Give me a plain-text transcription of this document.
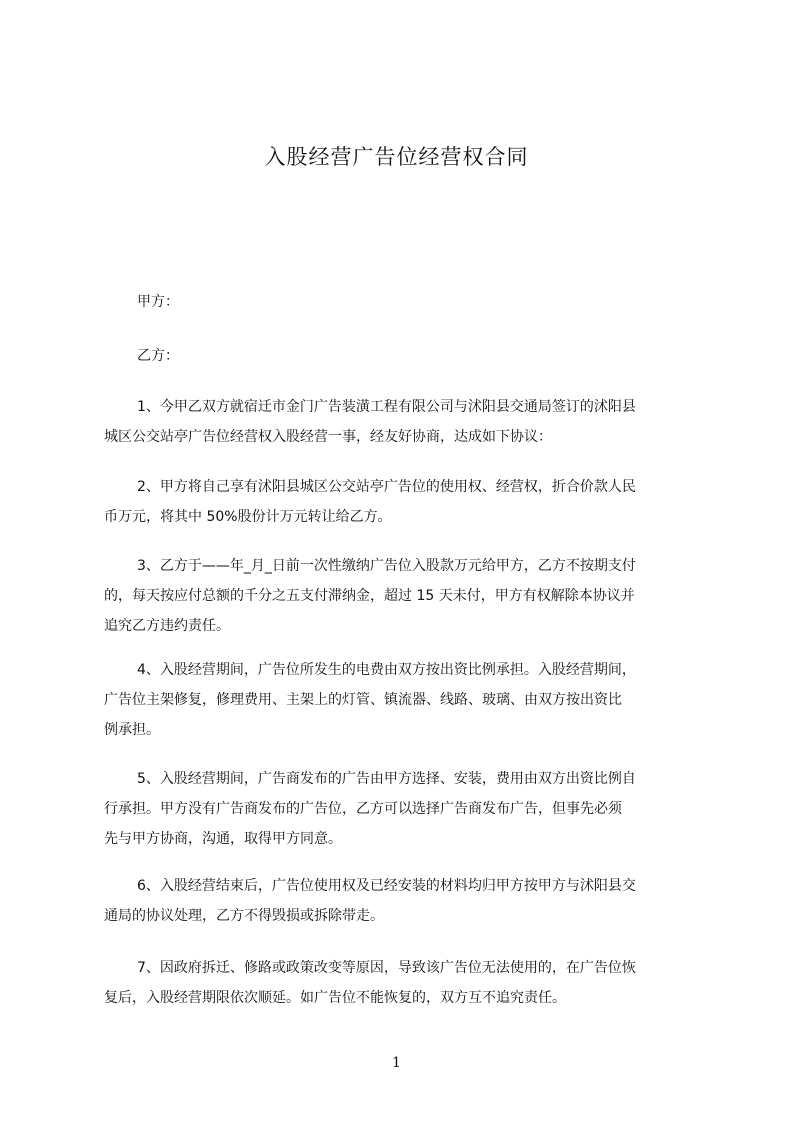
入股经营广告位经营权合同
甲方：
乙方：
1、今甲乙双方就宿迁市金门广告装潢工程有限公司与沭阳县交通局签订的沭阳县
城区公交站亭广告位经营权入股经营一事，经友好协商，达成如下协议：
2、甲方将自己享有沭阳县城区公交站亭广告位的使用权、经营权，折合价款人民
币万元，将其中 50%股份计万元转让给乙方。
3、乙方于——年_月_日前一次性缴纳广告位入股款万元给甲方，乙方不按期支付
的，每天按应付总额的千分之五支付滞纳金，超过 15 天未付，甲方有权解除本协议并
追究乙方违约责任。
4、入股经营期间，广告位所发生的电费由双方按出资比例承担。入股经营期间，
广告位主架修复，修理费用、主架上的灯管、镇流器、线路、玻璃、由双方按出资比
例承担。
5、入股经营期间，广告商发布的广告由甲方选择、安装，费用由双方出资比例自
行承担。甲方没有广告商发布的广告位，乙方可以选择广告商发布广告，但事先必须
先与甲方协商，沟通，取得甲方同意。
6、入股经营结束后，广告位使用权及已经安装的材料均归甲方按甲方与沭阳县交
通局的协议处理，乙方不得毁损或拆除带走。
7、因政府拆迁、修路或政策改变等原因，导致该广告位无法使用的，在广告位恢
复后，入股经营期限依次顺延。如广告位不能恢复的，双方互不追究责任。
1
